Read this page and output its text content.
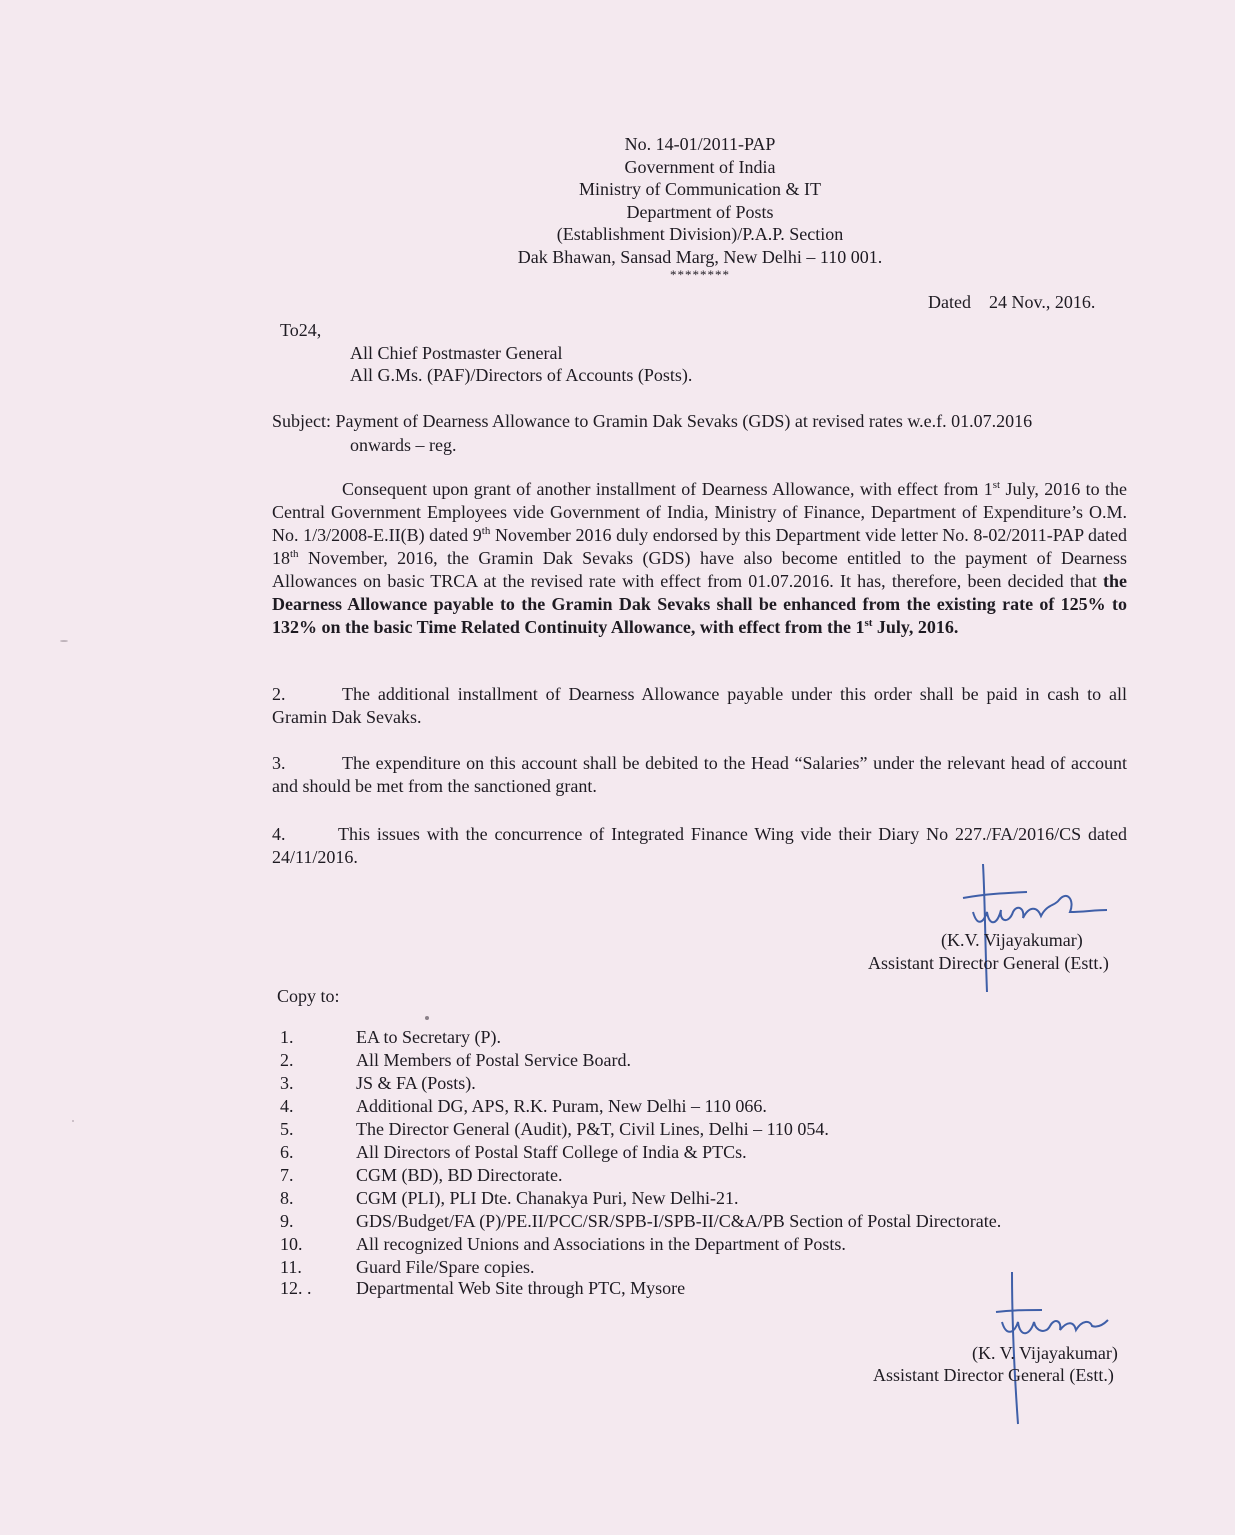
No. 14-01/2011-PAP
Government of India
Ministry of Communication & IT
Department of Posts
(Establishment Division)/P.A.P. Section
Dak Bhawan, Sansad Marg, New Delhi – 110 001.
********
Dated 24 Nov., 2016.
To24,
All Chief Postmaster General
All G.Ms. (PAF)/Directors of Accounts (Posts).
Subject: Payment of Dearness Allowance to Gramin Dak Sevaks (GDS) at revised rates w.e.f. 01.07.2016
onwards – reg.
Consequent upon grant of another installment of Dearness Allowance, with effect from 1st July, 2016 to the Central Government Employees vide Government of India, Ministry of Finance, Department of Expenditure’s O.M. No. 1/3/2008-E.II(B) dated 9th November 2016 duly endorsed by this Department vide letter No. 8-02/2011-PAP dated 18th November, 2016, the Gramin Dak Sevaks (GDS) have also become entitled to the payment of Dearness Allowances on basic TRCA at the revised rate with effect from 01.07.2016. It has, therefore, been decided that the Dearness Allowance payable to the Gramin Dak Sevaks shall be enhanced from the existing rate of 125% to 132% on the basic Time Related Continuity Allowance, with effect from the 1st July, 2016.
2.	The additional installment of Dearness Allowance payable under this order shall be paid in cash to all Gramin Dak Sevaks.
3.	The expenditure on this account shall be debited to the Head “Salaries” under the relevant head of account and should be met from the sanctioned grant.
4.	This issues with the concurrence of Integrated Finance Wing vide their Diary No 227./FA/2016/CS dated 24/11/2016.
(K.V. Vijayakumar)
Assistant Director General (Estt.)
Copy to:
1.	EA to Secretary (P).
2.	All Members of Postal Service Board.
3.	JS & FA (Posts).
4.	Additional DG, APS, R.K. Puram, New Delhi – 110 066.
5.	The Director General (Audit), P&T, Civil Lines, Delhi – 110 054.
6.	All Directors of Postal Staff College of India & PTCs.
7.	CGM (BD), BD Directorate.
8.	CGM (PLI), PLI Dte. Chanakya Puri, New Delhi-21.
9.	GDS/Budget/FA (P)/PE.II/PCC/SR/SPB-I/SPB-II/C&A/PB Section of Postal Directorate.
10.	All recognized Unions and Associations in the Department of Posts.
11.	Guard File/Spare copies.
12. . Departmental Web Site through PTC, Mysore
(K. V. Vijayakumar)
Assistant Director General (Estt.)
